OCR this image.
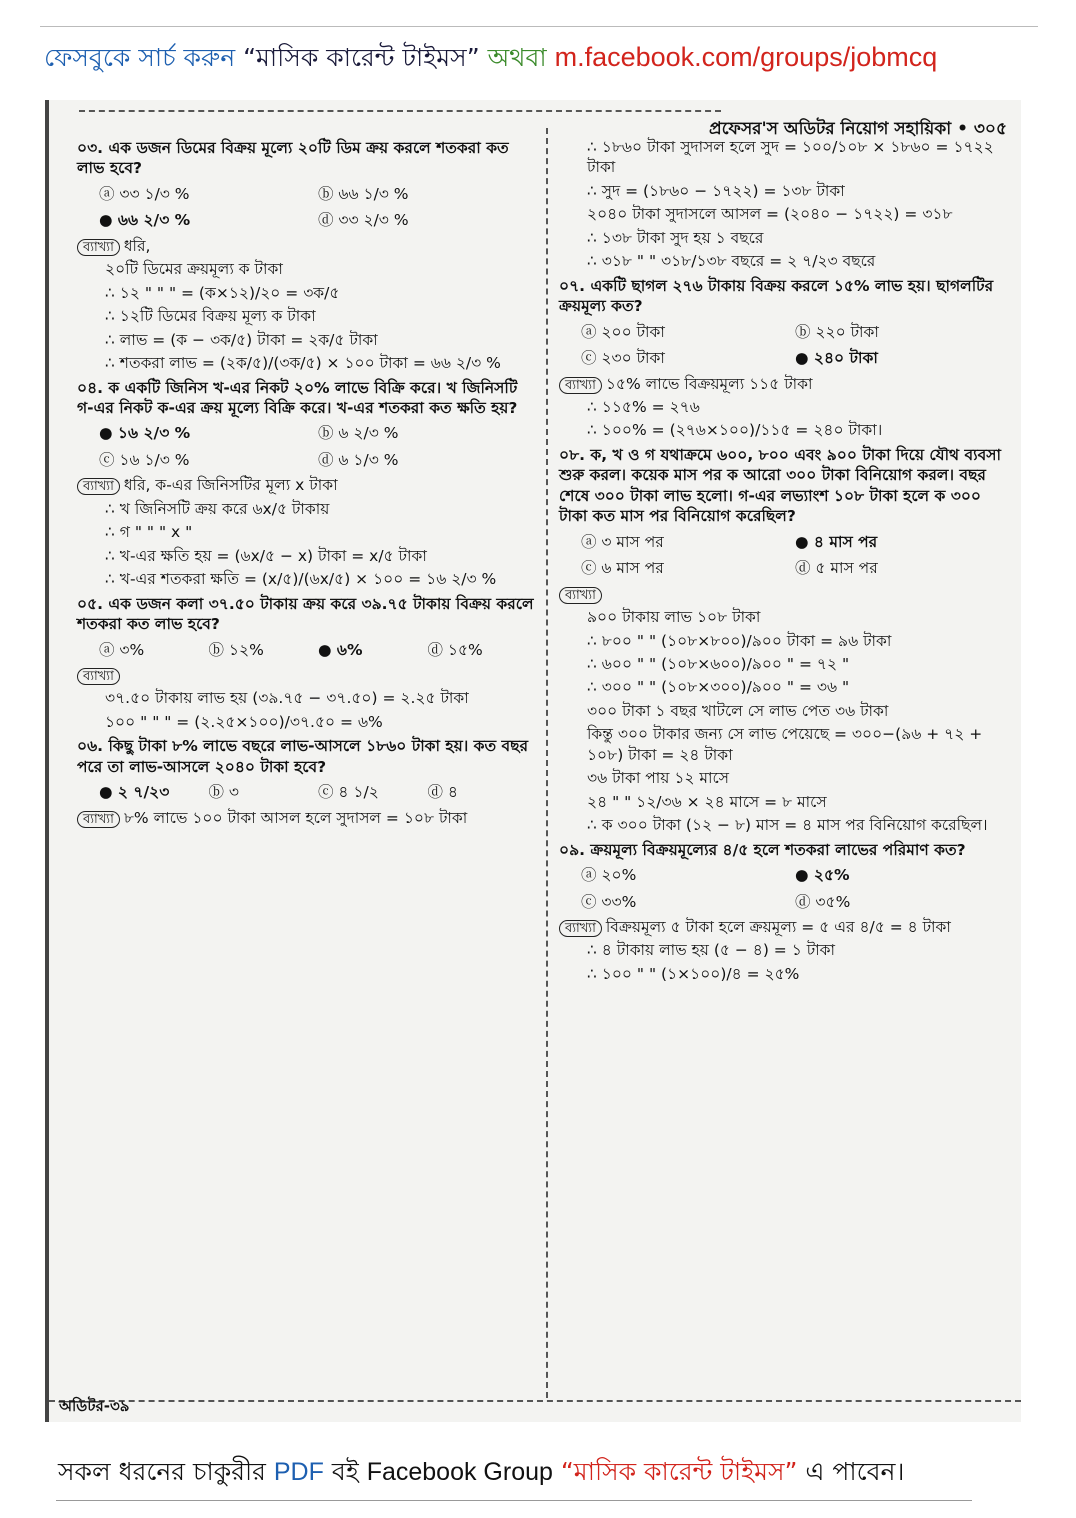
ফেসবুকে সার্চ করুন “মাসিক কারেন্ট টাইমস” অথবা m.facebook.com/groups/jobmcq
প্রফেসর'স অডিটর নিয়োগ সহায়িকা • ৩০৫
০৩. এক ডজন ডিমের বিক্রয় মূল্যে ২০টি ডিম ক্রয় করলে শতকরা কত লাভ হবে?
ⓐ ৩৩ ১/৩ %	ⓑ ৬৬ ১/৩ %
● ৬৬ ২/৩ %	ⓓ ৩৩ ২/৩ %
ব্যাখ্যা ধরি,
২০টি ডিমের ক্রয়মূল্য ক টাকা
∴ ১২ " " " = (ক×১২)/২০ = ৩ক/৫
∴ ১২টি ডিমের বিক্রয় মূল্য ক টাকা
∴ লাভ = (ক − ৩ক/৫) টাকা = ২ক/৫ টাকা
∴ শতকরা লাভ = (২ক/৫)/(৩ক/৫) × ১০০ টাকা = ৬৬ ২/৩ %
০৪. ক একটি জিনিস খ-এর নিকট ২০% লাভে বিক্রি করে। খ জিনিসটি গ-এর নিকট ক-এর ক্রয় মূল্যে বিক্রি করে। খ-এর শতকরা কত ক্ষতি হয়?
● ১৬ ২/৩ %	ⓑ ৬ ২/৩ %
ⓒ ১৬ ১/৩ %	ⓓ ৬ ১/৩ %
ব্যাখ্যা ধরি, ক-এর জিনিসটির মূল্য x টাকা
∴ খ জিনিসটি ক্রয় করে ৬x/৫ টাকায়
∴ গ " " " x "
∴ খ-এর ক্ষতি হয় = (৬x/৫ − x) টাকা = x/৫ টাকা
∴ খ-এর শতকরা ক্ষতি = (x/৫)/(৬x/৫) × ১০০ = ১৬ ২/৩ %
০৫. এক ডজন কলা ৩৭.৫০ টাকায় ক্রয় করে ৩৯.৭৫ টাকায় বিক্রয় করলে শতকরা কত লাভ হবে?
ⓐ ৩%	ⓑ ১২%	● ৬%	ⓓ ১৫%
ব্যাখ্যা
৩৭.৫০ টাকায় লাভ হয় (৩৯.৭৫ − ৩৭.৫০) = ২.২৫ টাকা
১০০ " " " = (২.২৫×১০০)/৩৭.৫০ = ৬%
০৬. কিছু টাকা ৮% লাভে বছরে লাভ-আসলে ১৮৬০ টাকা হয়। কত বছর পরে তা লাভ-আসলে ২০৪০ টাকা হবে?
● ২ ৭/২৩	ⓑ ৩	ⓒ ৪ ১/২	ⓓ ৪
ব্যাখ্যা ৮% লাভে ১০০ টাকা আসল হলে সুদাসল = ১০৮ টাকা
∴ ১৮৬০ টাকা সুদাসল হলে সুদ = ১০০/১০৮ × ১৮৬০ = ১৭২২ টাকা
∴ সুদ = (১৮৬০ − ১৭২২) = ১৩৮ টাকা
২০৪০ টাকা সুদাসলে আসল = (২০৪০ − ১৭২২) = ৩১৮
∴ ১৩৮ টাকা সুদ হয় ১ বছরে
∴ ৩১৮ " " ৩১৮/১৩৮ বছরে = ২ ৭/২৩ বছরে
০৭. একটি ছাগল ২৭৬ টাকায় বিক্রয় করলে ১৫% লাভ হয়। ছাগলটির ক্রয়মূল্য কত?
ⓐ ২০০ টাকা	ⓑ ২২০ টাকা
ⓒ ২৩০ টাকা	● ২৪০ টাকা
ব্যাখ্যা ১৫% লাভে বিক্রয়মূল্য ১১৫ টাকা
∴ ১১৫% = ২৭৬
∴ ১০০% = (২৭৬×১০০)/১১৫ = ২৪০ টাকা।
০৮. ক, খ ও গ যথাক্রমে ৬০০, ৮০০ এবং ৯০০ টাকা দিয়ে যৌথ ব্যবসা শুরু করল। কয়েক মাস পর ক আরো ৩০০ টাকা বিনিয়োগ করল। বছর শেষে ৩০০ টাকা লাভ হলো। গ-এর লভ্যাংশ ১০৮ টাকা হলে ক ৩০০ টাকা কত মাস পর বিনিয়োগ করেছিল?
ⓐ ৩ মাস পর	● ৪ মাস পর
ⓒ ৬ মাস পর	ⓓ ৫ মাস পর
ব্যাখ্যা
৯০০ টাকায় লাভ ১০৮ টাকা
∴ ৮০০ " " (১০৮×৮০০)/৯০০ টাকা = ৯৬ টাকা
∴ ৬০০ " " (১০৮×৬০০)/৯০০ " = ৭২ "
∴ ৩০০ " " (১০৮×৩০০)/৯০০ " = ৩৬ "
৩০০ টাকা ১ বছর খাটলে সে লাভ পেত ৩৬ টাকা
কিন্তু ৩০০ টাকার জন্য সে লাভ পেয়েছে = ৩০০−(৯৬ + ৭২ + ১০৮) টাকা = ২৪ টাকা
৩৬ টাকা পায় ১২ মাসে
২৪ " " ১২/৩৬ × ২৪ মাসে = ৮ মাসে
∴ ক ৩০০ টাকা (১২ − ৮) মাস = ৪ মাস পর বিনিয়োগ করেছিল।
০৯. ক্রয়মূল্য বিক্রয়মূল্যের ৪/৫ হলে শতকরা লাভের পরিমাণ কত?
ⓐ ২০%	● ২৫%
ⓒ ৩৩%	ⓓ ৩৫%
ব্যাখ্যা বিক্রয়মূল্য ৫ টাকা হলে ক্রয়মূল্য = ৫ এর ৪/৫ = ৪ টাকা
∴ ৪ টাকায় লাভ হয় (৫ − ৪) = ১ টাকা
∴ ১০০ " " (১×১০০)/৪ = ২৫%
অডিটর-৩৯
সকল ধরনের চাকুরীর PDF বই Facebook Group “মাসিক কারেন্ট টাইমস” এ পাবেন।
